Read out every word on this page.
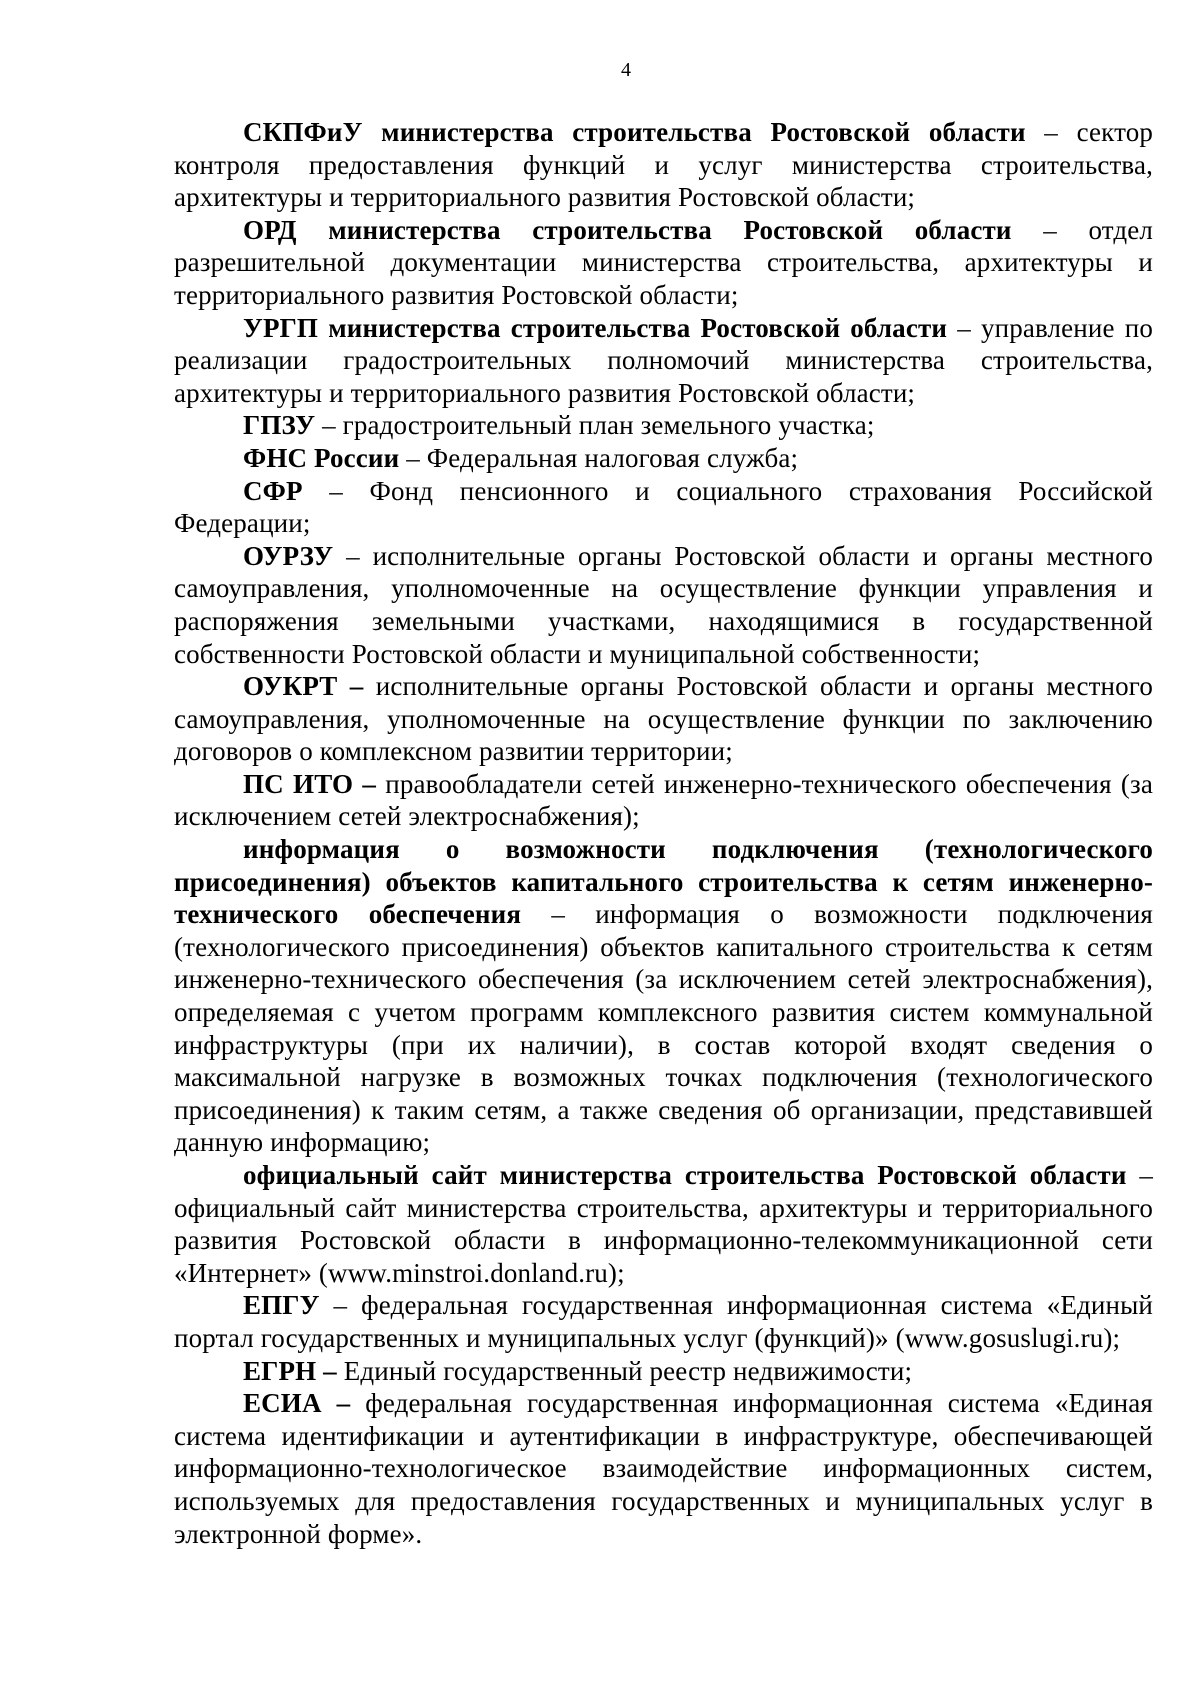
4

СКПФиУ министерства строительства Ростовской области – сектор контроля предоставления функций и услуг министерства строительства, архитектуры и территориального развития Ростовской области;

ОРД министерства строительства Ростовской области – отдел разрешительной документации министерства строительства, архитектуры и территориального развития Ростовской области;

УРГП министерства строительства Ростовской области – управление по реализации градостроительных полномочий министерства строительства, архитектуры и территориального развития Ростовской области;

ГПЗУ – градостроительный план земельного участка;

ФНС России – Федеральная налоговая служба;

СФР – Фонд пенсионного и социального страхования Российской Федерации;

ОУРЗУ – исполнительные органы Ростовской области и органы местного самоуправления, уполномоченные на осуществление функции управления и распоряжения земельными участками, находящимися в государственной собственности Ростовской области и муниципальной собственности;

ОУКРТ – исполнительные органы Ростовской области и органы местного самоуправления, уполномоченные на осуществление функции по заключению договоров о комплексном развитии территории;

ПС ИТО – правообладатели сетей инженерно-технического обеспечения (за исключением сетей электроснабжения);

информация о возможности подключения (технологического присоединения) объектов капитального строительства к сетям инженерно-технического обеспечения – информация о возможности подключения (технологического присоединения) объектов капитального строительства к сетям инженерно-технического обеспечения (за исключением сетей электроснабжения), определяемая с учетом программ комплексного развития систем коммунальной инфраструктуры (при их наличии), в состав которой входят сведения о максимальной нагрузке в возможных точках подключения (технологического присоединения) к таким сетям, а также сведения об организации, представившей данную информацию;

официальный сайт министерства строительства Ростовской области – официальный сайт министерства строительства, архитектуры и территориального развития Ростовской области в информационно-телекоммуникационной сети «Интернет» (www.minstroi.donland.ru);

ЕПГУ – федеральная государственная информационная система «Единый портал государственных и муниципальных услуг (функций)» (www.gosuslugi.ru);

ЕГРН – Единый государственный реестр недвижимости;

ЕСИА – федеральная государственная информационная система «Единая система идентификации и аутентификации в инфраструктуре, обеспечивающей информационно-технологическое взаимодействие информационных систем, используемых для предоставления государственных и муниципальных услуг в электронной форме».
